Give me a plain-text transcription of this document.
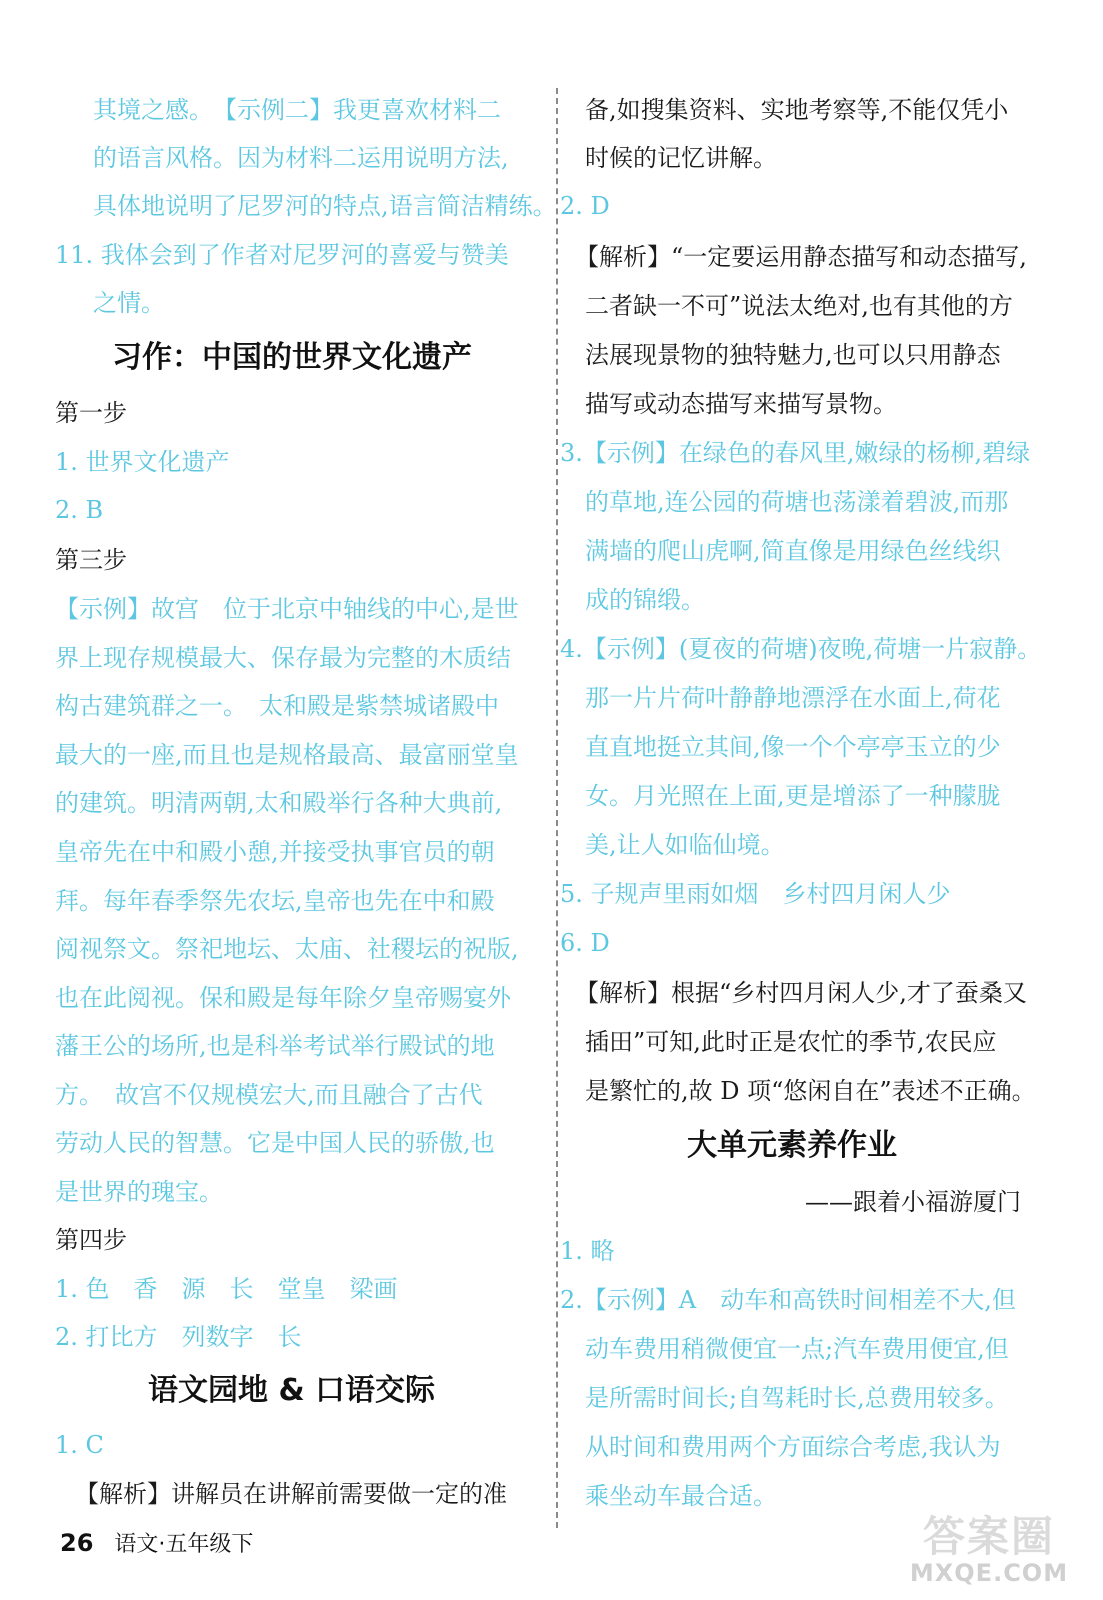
其境之感。　【示例二】我更喜欢材料二
的语言风格。因为材料二运用说明方法,
具体地说明了尼罗河的特点,语言简洁精练。
11. 我体会到了作者对尼罗河的喜爱与赞美
之情。
第一步
1. 世界文化遗产
2. B
第三步
【示例】故宫　位于北京中轴线的中心,是世
界上现存规模最大、保存最为完整的木质结
构古建筑群之一。　太和殿是紫禁城诸殿中
最大的一座,而且也是规格最高、最富丽堂皇
的建筑。明清两朝,太和殿举行各种大典前,
皇帝先在中和殿小憩,并接受执事官员的朝
拜。每年春季祭先农坛,皇帝也先在中和殿
阅视祭文。祭祀地坛、太庙、社稷坛的祝版,
也在此阅视。保和殿是每年除夕皇帝赐宴外
藩王公的场所,也是科举考试举行殿试的地
方。　故宫不仅规模宏大,而且融合了古代
劳动人民的智慧。它是中国人民的骄傲,也
是世界的瑰宝。
第四步
1. 色　香　源　长　堂皇　梁画
2. 打比方　列数字　长
1. C
【解析】讲解员在讲解前需要做一定的准
习作：中国的世界文化遗产
语文园地 & 口语交际
备,如搜集资料、实地考察等,不能仅凭小
时候的记忆讲解。
2. D
【解析】“一定要运用静态描写和动态描写,
二者缺一不可”说法太绝对,也有其他的方
法展现景物的独特魅力,也可以只用静态
描写或动态描写来描写景物。
3.【示例】在绿色的春风里,嫩绿的杨柳,碧绿
的草地,连公园的荷塘也荡漾着碧波,而那
满墙的爬山虎啊,简直像是用绿色丝线织
成的锦缎。
4.【示例】(夏夜的荷塘)夜晚,荷塘一片寂静。
那一片片荷叶静静地漂浮在水面上,荷花
直直地挺立其间,像一个个亭亭玉立的少
女。月光照在上面,更是增添了一种朦胧
美,让人如临仙境。
5. 子规声里雨如烟　乡村四月闲人少
6. D
【解析】根据“乡村四月闲人少,才了蚕桑又
插田”可知,此时正是农忙的季节,农民应
是繁忙的,故 D 项“悠闲自在”表述不正确。
——跟着小福游厦门
1. 略
2.【示例】A　动车和高铁时间相差不大,但
动车费用稍微便宜一点;汽车费用便宜,但
是所需时间长;自驾耗时长,总费用较多。
从时间和费用两个方面综合考虑,我认为
乘坐动车最合适。
大单元素养作业
26 语文·五年级下	答案圈
MXQE.COM
